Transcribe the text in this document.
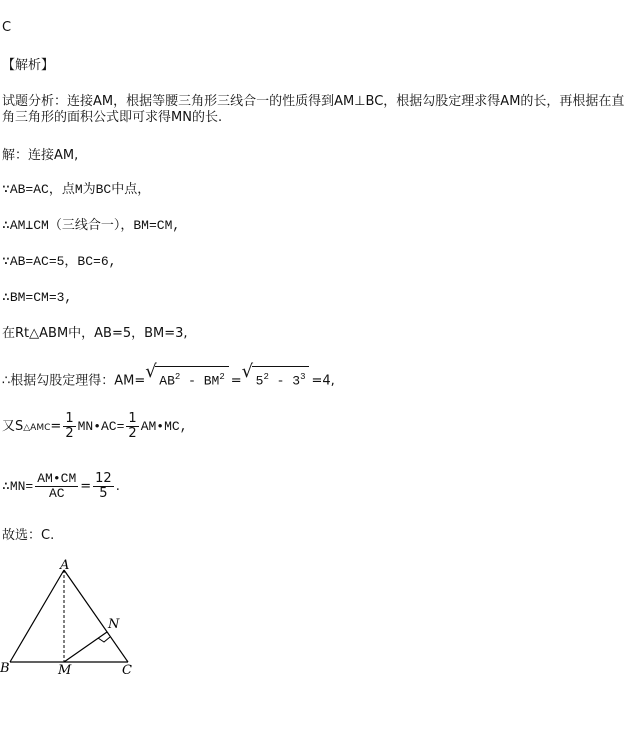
C
【解析】
试题分析：连接AM，根据等腰三角形三线合一的性质得到AM⊥BC，根据勾股定理求得AM的长，再根据在直角三角形的面积公式即可求得MN的长.
解：连接AM,
∵AB=AC，点M为BC中点，
∴AM⊥CM（三线合一），BM=CM,
∵AB=AC=5，BC=6,
∴BM=CM=3,
在Rt△ABM中，AB=5，BM=3,
∴根据勾股定理得：AM= √ $AB^2 - BM^2$ = √ $5^2 - 3^3 =4$,
又S△AMC= $\frac{1}{2}$ MN•AC= $\frac{1}{2}$ AM•MC,
∴MN= $\frac{AM•CM}{AC} = \frac{12}{5}$ .
故选：C.
A
B	M	C
N
